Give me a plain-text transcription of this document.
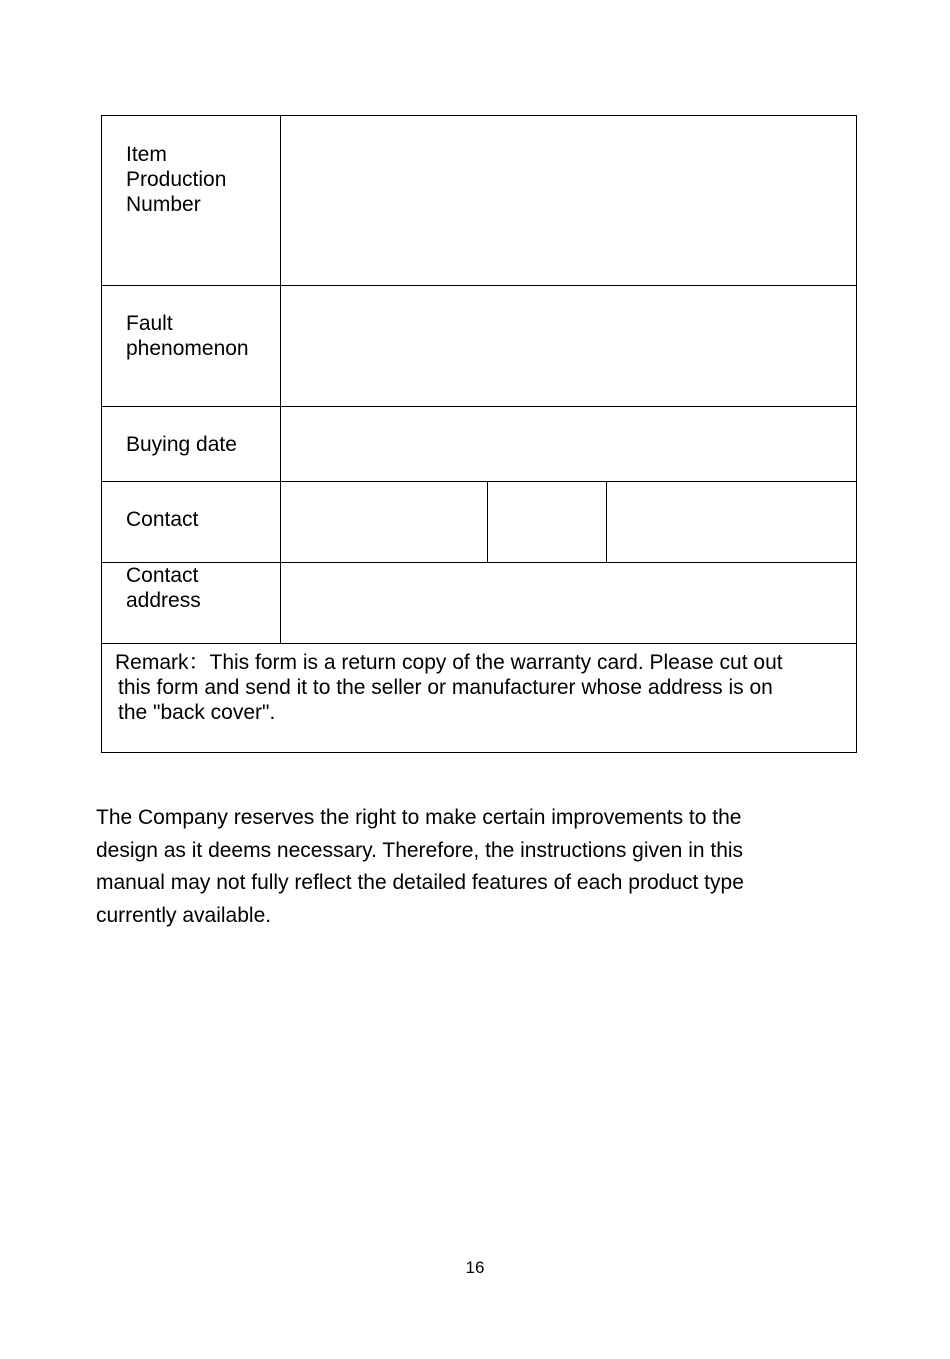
Item
Production
Number
Fault
phenomenon
Buying date
Contact
Contact
address
Remark：This form is a return copy of the warranty card. Please cut out
this form and send it to the seller or manufacturer whose address is on
the "back cover".
The Company reserves the right to make certain improvements to the
design as it deems necessary. Therefore, the instructions given in this
manual may not fully reflect the detailed features of each product type
currently available.
16
